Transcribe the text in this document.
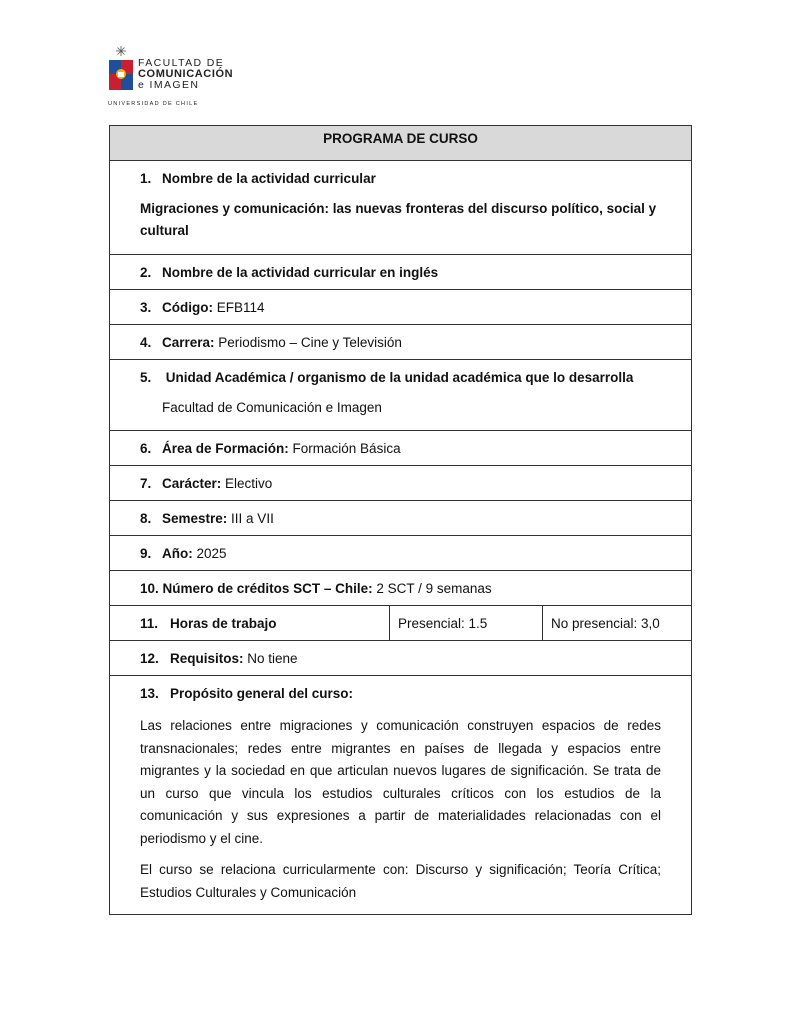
FACULTAD DE
COMUNICACIÓN
e IMAGEN
UNIVERSIDAD DE CHILE
PROGRAMA DE CURSO

1. Nombre de la actividad curricular
Migraciones y comunicación: las nuevas fronteras del discurso político, social y cultural

2. Nombre de la actividad curricular en inglés

3. Código: EFB114

4. Carrera: Periodismo – Cine y Televisión

5. Unidad Académica / organismo de la unidad académica que lo desarrolla
Facultad de Comunicación e Imagen

6. Área de Formación: Formación Básica

7. Carácter: Electivo

8. Semestre: III a VII

9. Año: 2025

10. Número de créditos SCT – Chile: 2 SCT / 9 semanas

11. Horas de trabajo	Presencial: 1.5	No presencial: 3,0

12. Requisitos: No tiene

13. Propósito general del curso:
Las relaciones entre migraciones y comunicación construyen espacios de redes transnacionales; redes entre migrantes en países de llegada y espacios entre migrantes y la sociedad en que articulan nuevos lugares de significación. Se trata de un curso que vincula los estudios culturales críticos con los estudios de la comunicación y sus expresiones a partir de materialidades relacionadas con el periodismo y el cine.
El curso se relaciona curricularmente con: Discurso y significación; Teoría Crítica; Estudios Culturales y Comunicación
